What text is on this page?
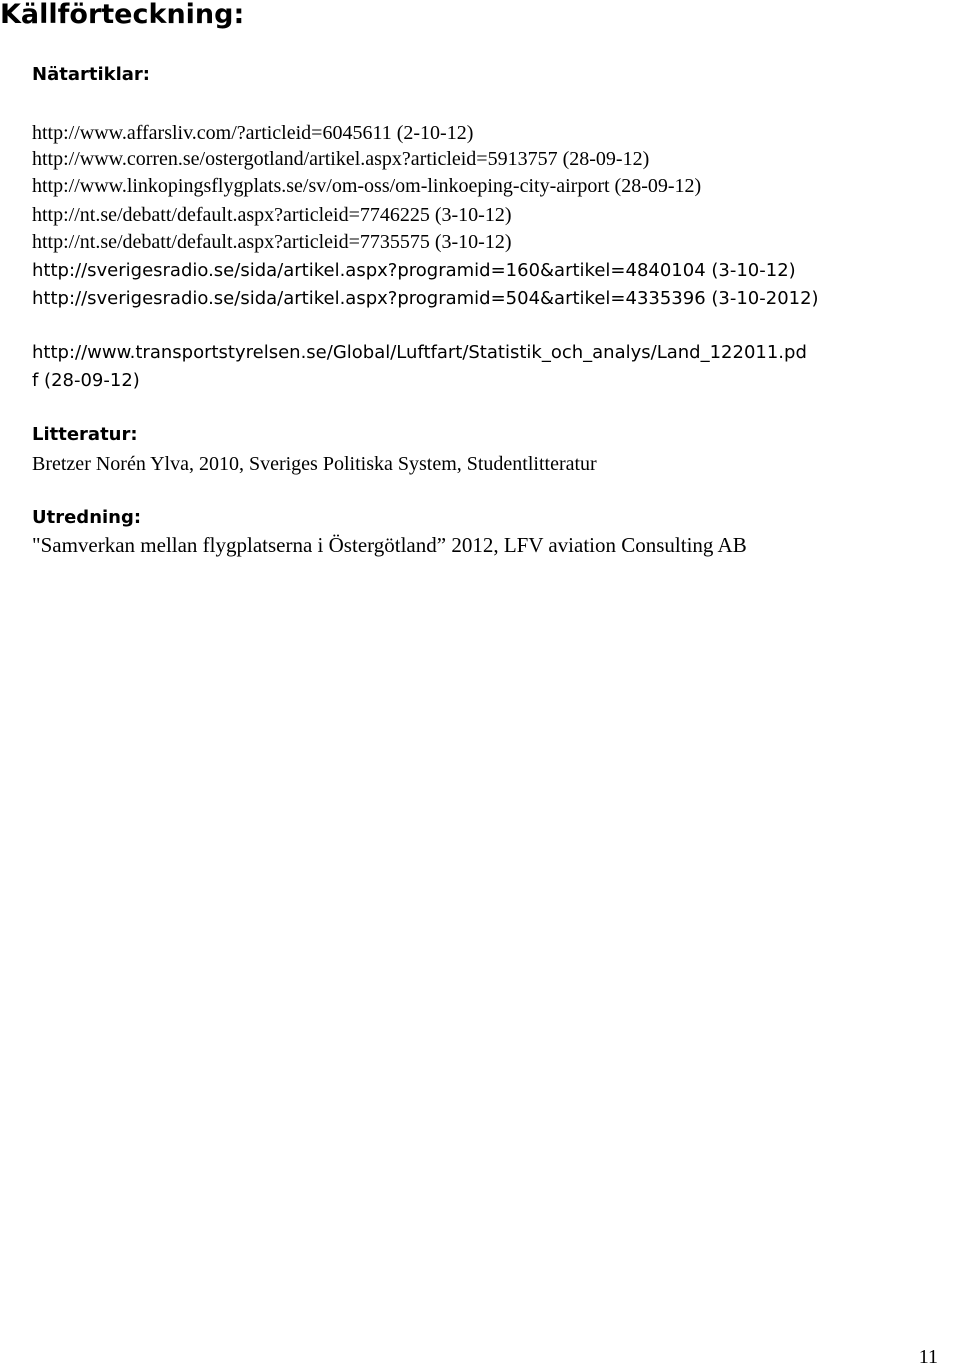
Källförteckning:
Nätartiklar:
http://www.affarsliv.com/?articleid=6045611 (2-10-12)
http://www.corren.se/ostergotland/artikel.aspx?articleid=5913757 (28-09-12)
http://www.linkopingsflygplats.se/sv/om-oss/om-linkoeping-city-airport (28-09-12)
http://nt.se/debatt/default.aspx?articleid=7746225 (3-10-12)
http://nt.se/debatt/default.aspx?articleid=7735575 (3-10-12)
http://sverigesradio.se/sida/artikel.aspx?programid=160&artikel=4840104 (3-10-12)
http://sverigesradio.se/sida/artikel.aspx?programid=504&artikel=4335396 (3-10-2012)
http://www.transportstyrelsen.se/Global/Luftfart/Statistik_och_analys/Land_122011.pd
f (28-09-12)
Litteratur:
Bretzer Norén Ylva, 2010, Sveriges Politiska System, Studentlitteratur
Utredning:
"Samverkan mellan flygplatserna i Östergötland” 2012, LFV aviation Consulting AB
11
